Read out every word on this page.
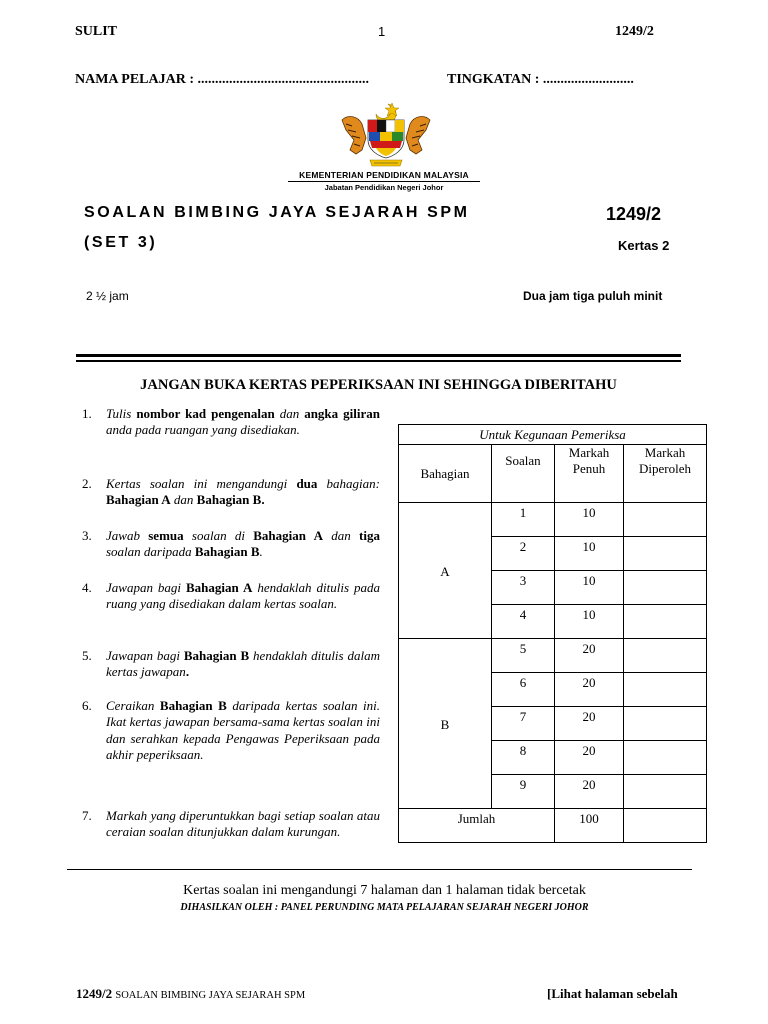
SULIT	1	1249/2
NAMA PELAJAR : .................................................	TINGKATAN : ..........................
KEMENTERIAN PENDIDIKAN MALAYSIA
Jabatan Pendidikan Negeri Johor
SOALAN BIMBING JAYA SEJARAH SPM
(SET 3)
1249/2
Kertas 2
2 ½ jam	Dua jam tiga puluh minit
JANGAN BUKA KERTAS PEPERIKSAAN INI SEHINGGA DIBERITAHU
1. Tulis nombor kad pengenalan dan angka giliran anda pada ruangan yang disediakan.
2. Kertas soalan ini mengandungi dua bahagian: Bahagian A dan Bahagian B.
3. Jawab semua soalan di Bahagian A dan tiga soalan daripada Bahagian B.
4. Jawapan bagi Bahagian A hendaklah ditulis pada ruang yang disediakan dalam kertas soalan.
5. Jawapan bagi Bahagian B hendaklah ditulis dalam kertas jawapan.
6. Ceraikan Bahagian B daripada kertas soalan ini. Ikat kertas jawapan bersama-sama kertas soalan ini dan serahkan kepada Pengawas Peperiksaan pada akhir peperiksaan.
7. Markah yang diperuntukkan bagi setiap soalan atau ceraian soalan ditunjukkan dalam kurungan.
Untuk Kegunaan Pemeriksa			
Bahagian	Soalan	Markah Penuh	Markah Diperoleh
A	1	10	
	2	10	
	3	10	
	4	10	
B	5	20	
	6	20	
	7	20	
	8	20	
	9	20	
Jumlah		100	
Kertas soalan ini mengandungi 7 halaman dan 1 halaman tidak bercetak
DIHASILKAN OLEH : PANEL PERUNDING MATA PELAJARAN SEJARAH NEGERI JOHOR
1249/2 SOALAN BIMBING JAYA SEJARAH SPM	[Lihat halaman sebelah
